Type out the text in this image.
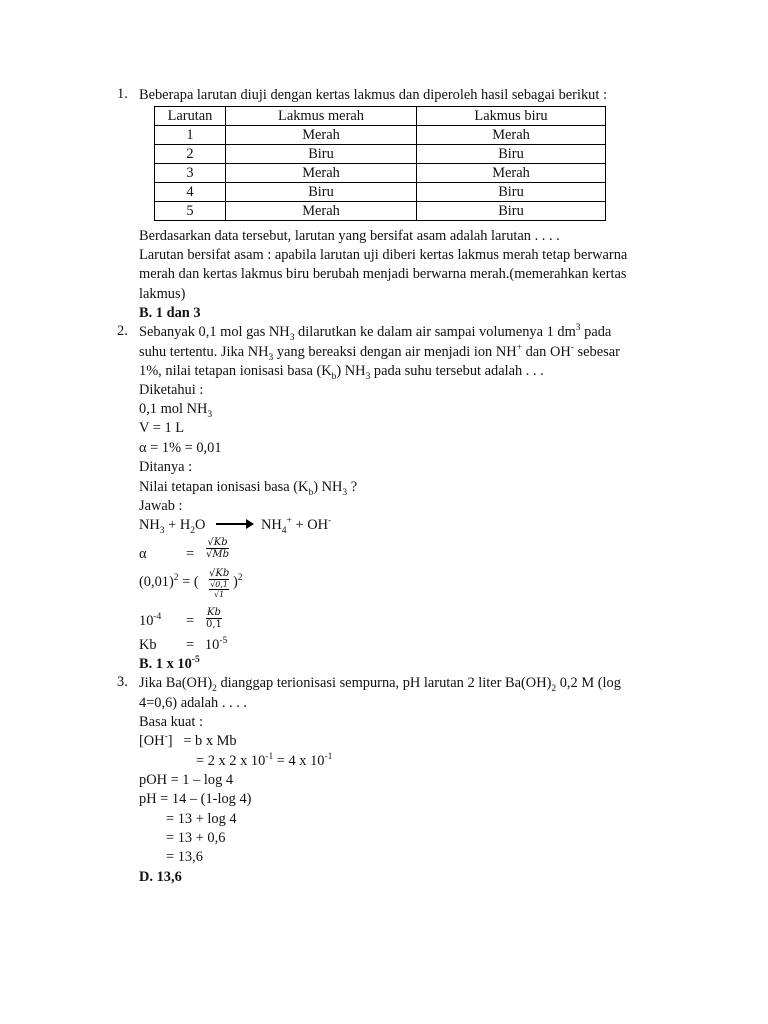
1. Beberapa larutan diuji dengan kertas lakmus dan diperoleh hasil sebagai berikut :
Larutan	Lakmus merah	Lakmus biru
1	Merah	Merah
2	Biru	Biru
3	Merah	Merah
4	Biru	Biru
5	Merah	Biru
Berdasarkan data tersebut, larutan yang bersifat asam adalah larutan . . . .
Larutan bersifat asam : apabila larutan uji diberi kertas lakmus merah tetap berwarna
merah dan kertas lakmus biru berubah menjadi berwarna merah.(memerahkan kertas
lakmus)
B. 1 dan 3
2. Sebanyak 0,1 mol gas $NH_3$ dilarutkan ke dalam air sampai volumenya 1 $dm^3$ pada
suhu tertentu. Jika $NH_3$ yang bereaksi dengan air menjadi ion NH+ dan OH- sebesar
1%, nilai tetapan ionisasi basa $(K_b)$ $NH_3$ pada suhu tersebut adalah . . .
Diketahui :
0,1 mol $NH_3$
V = 1 L
α = 1% = 0,01
Ditanya :
Nilai tetapan ionisasi basa $(K_b)$ $NH_3$ ?
Jawab :
$NH_3 + H_2O \to NH_4^+ + OH^-$
α	=
√Kb
√Mb
$(0,01)^2$ = (
√Kb
√0,1
√1
)$^2$
$10^{-4}$ =
Kb
0,1
$Kb = 10^{-5}$
B. 1 x $10^{-5}$
3. Jika $Ba(OH)_2$ dianggap terionisasi sempurna, pH larutan 2 liter $Ba(OH)_2$ 0,2 M (log
4=0,6) adalah . . . .
Basa kuat :
[OH-]   = b x Mb
= 2 x 2 x $10^{-1} = 4$ x $10^{-1}$
pOH = 1 – log 4
pH = 14 – (1-log 4)
= 13 + log 4
= 13 + 0,6
= 13,6
D. 13,6
